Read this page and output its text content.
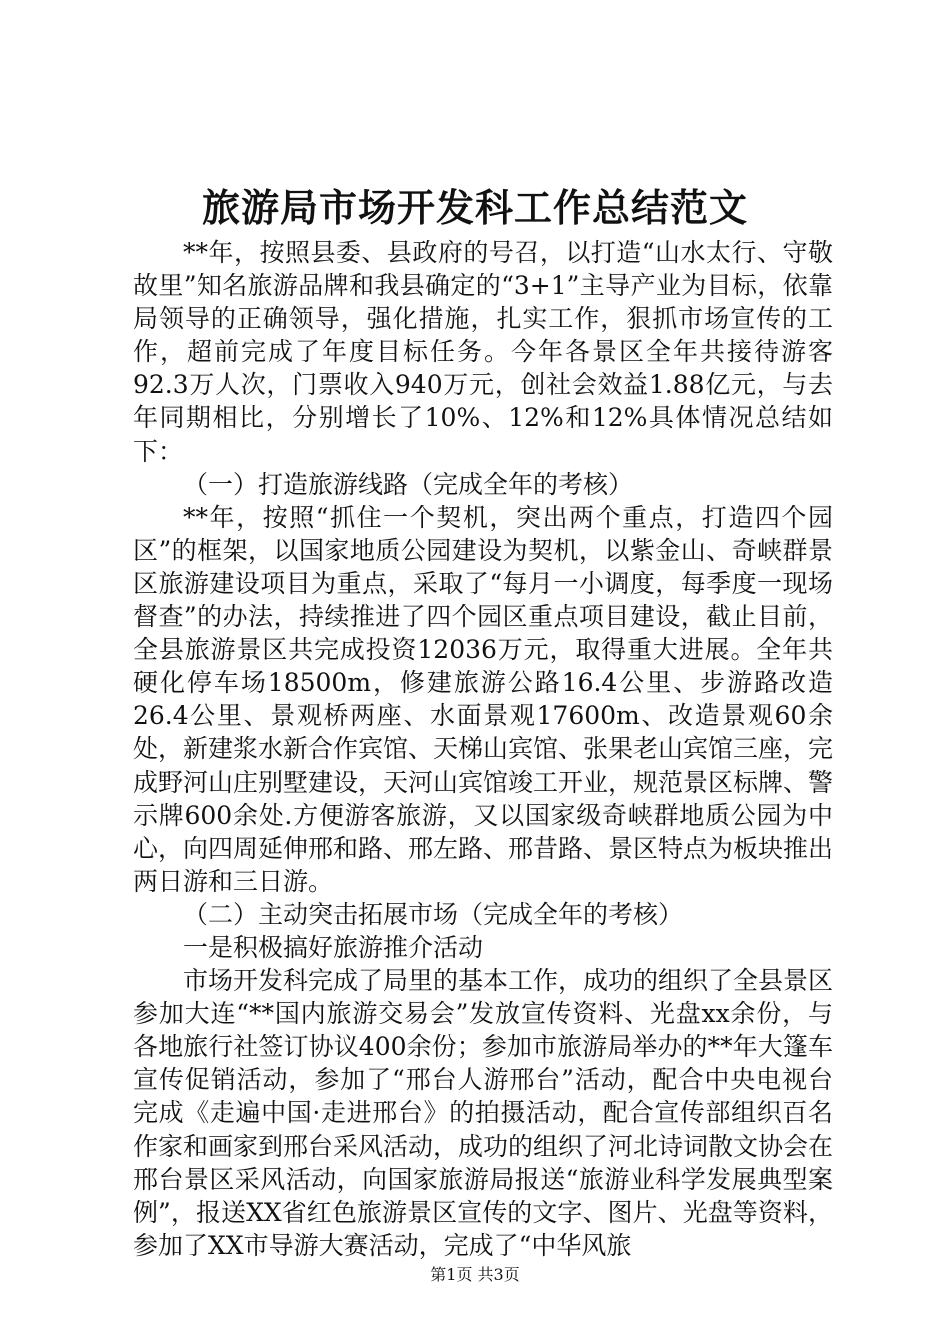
旅游局市场开发科工作总结范文

**年，按照县委、县政府的号召，以打造“山水太行、守敬故里”知名旅游品牌和我县确定的“3+1”主导产业为目标，依靠局领导的正确领导，强化措施，扎实工作，狠抓市场宣传的工作，超前完成了年度目标任务。今年各景区全年共接待游客92.3万人次，门票收入940万元，创社会效益1.88亿元，与去年同期相比，分别增长了10%、12%和12%具体情况总结如下：

（一）打造旅游线路（完成全年的考核）

**年，按照“抓住一个契机，突出两个重点，打造四个园区”的框架，以国家地质公园建设为契机，以紫金山、奇峡群景区旅游建设项目为重点，采取了“每月一小调度，每季度一现场督查”的办法，持续推进了四个园区重点项目建设，截止目前，全县旅游景区共完成投资12036万元，取得重大进展。全年共硬化停车场18500m，修建旅游公路16.4公里、步游路改造26.4公里、景观桥两座、水面景观17600m、改造景观60余处，新建浆水新合作宾馆、天梯山宾馆、张果老山宾馆三座，完成野河山庄别墅建设，天河山宾馆竣工开业，规范景区标牌、警示牌600余处.方便游客旅游，又以国家级奇峡群地质公园为中心，向四周延伸邢和路、邢左路、邢昔路、景区特点为板块推出两日游和三日游。

（二）主动突击拓展市场（完成全年的考核）

一是积极搞好旅游推介活动

市场开发科完成了局里的基本工作，成功的组织了全县景区参加大连“**国内旅游交易会”发放宣传资料、光盘xx余份，与各地旅行社签订协议400余份；参加市旅游局举办的**年大篷车宣传促销活动，参加了“邢台人游邢台”活动，配合中央电视台完成《走遍中国·走进邢台》的拍摄活动，配合宣传部组织百名作家和画家到邢台采风活动，成功的组织了河北诗词散文协会在邢台景区采风活动，向国家旅游局报送“旅游业科学发展典型案例”，报送XX省红色旅游景区宣传的文字、图片、光盘等资料，参加了XX市导游大赛活动，完成了“中华风旅

第1页 共3页
